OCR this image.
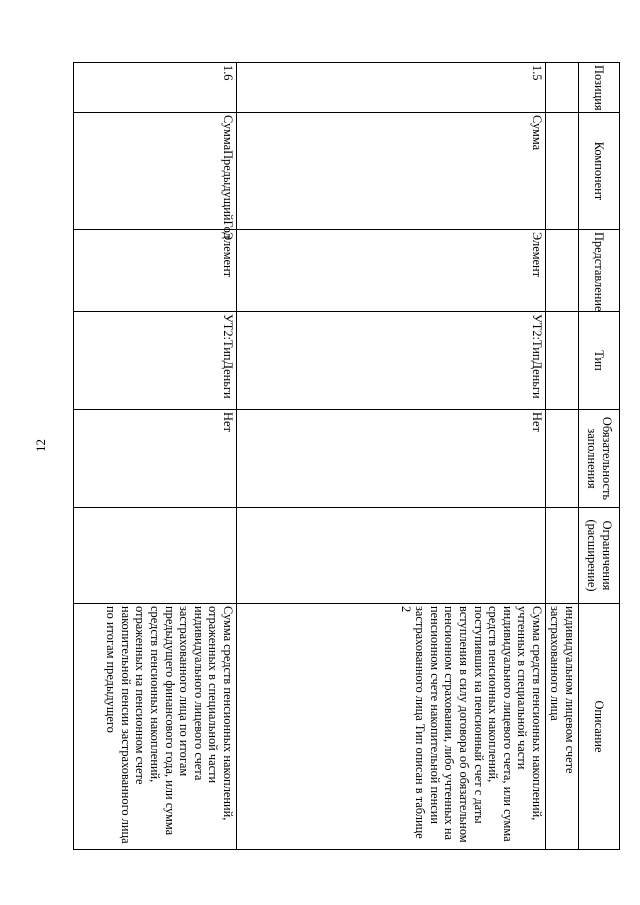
12
Позиция	Компонент	Представление	Тип	Обязательность заполнения	Ограничения (расширение)	Описание
						индивидуальном лицевом счете застрахованного лица
1.5	Сумма	Элемент	УТ2:ТипДеньги	Нет		Сумма средств пенсионных накоплений, учтенных в специальной части индивидуального лицевого счета, или сумма средств пенсионных накоплений, поступивших на пенсионный счет с даты вступления в силу договора об обязательном пенсионном страховании, либо учтенных на пенсионном счете накопительной пенсии застрахованного лица Тип описан в таблице 2
1.6	СуммаПредыдущийГод	Элемент	УТ2:ТипДеньги	Нет		Сумма средств пенсионных накоплений, отраженных в специальной части индивидуального лицевого счета застрахованного лица по итогам предыдущего финансового года, или сумма средств пенсионных накоплений, отраженных на пенсионном счете накопительной пенсии застрахованного лица по итогам предыдущего
